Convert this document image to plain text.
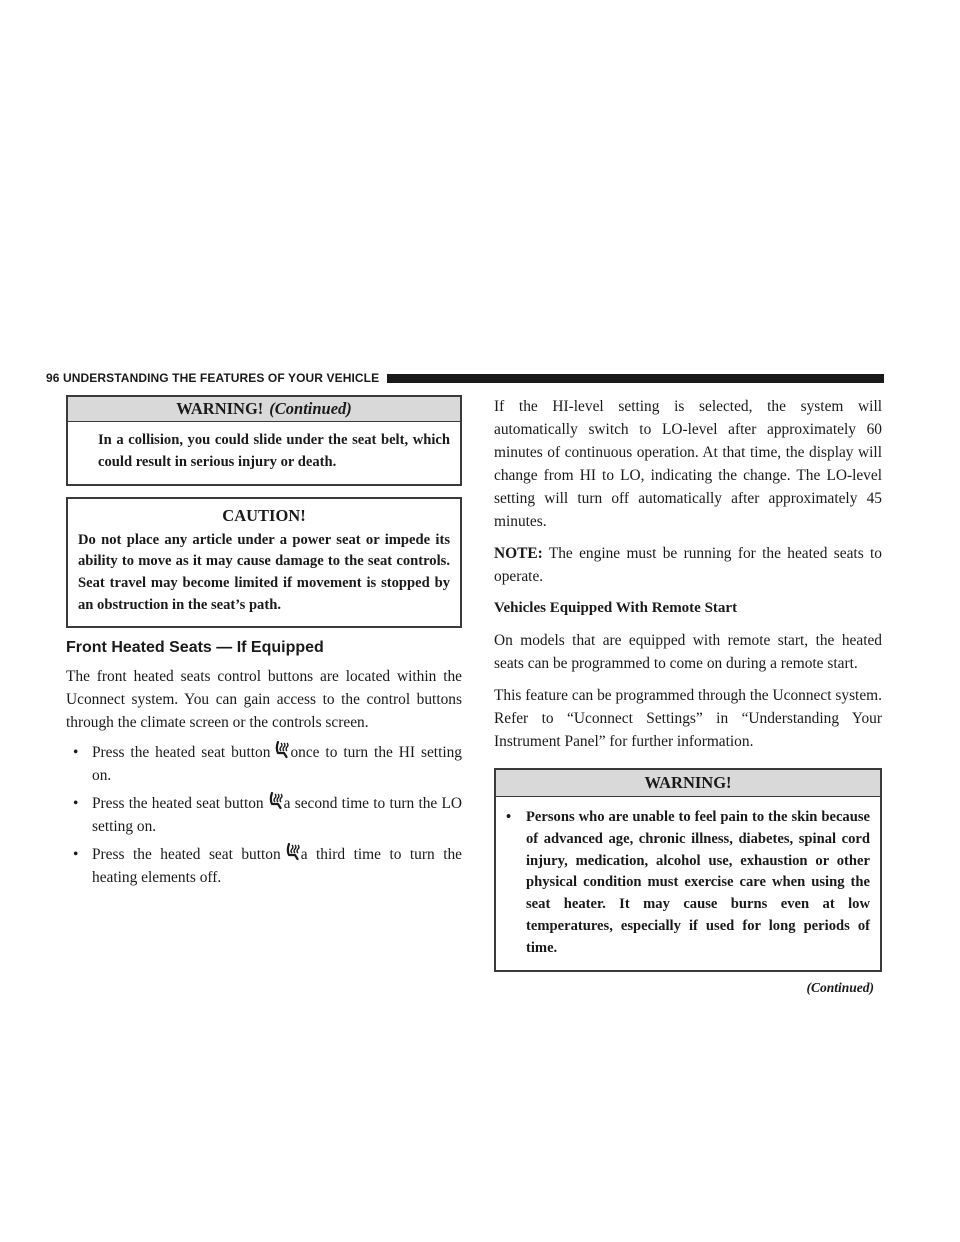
96 UNDERSTANDING THE FEATURES OF YOUR VEHICLE
WARNING! (Continued)
In a collision, you could slide under the seat belt, which could result in serious injury or death.
CAUTION!
Do not place any article under a power seat or impede its ability to move as it may cause damage to the seat controls. Seat travel may become limited if movement is stopped by an obstruction in the seat’s path.
Front Heated Seats — If Equipped

The front heated seats control buttons are located within the Uconnect system. You can gain access to the control buttons through the climate screen or the controls screen.

• Press the heated seat button once to turn the HI setting on.
• Press the heated seat button a second time to turn the LO setting on.
• Press the heated seat button a third time to turn the heating elements off.

If the HI-level setting is selected, the system will automatically switch to LO-level after approximately 60 minutes of continuous operation. At that time, the display will change from HI to LO, indicating the change. The LO-level setting will turn off automatically after approximately 45 minutes.

NOTE: The engine must be running for the heated seats to operate.

Vehicles Equipped With Remote Start

On models that are equipped with remote start, the heated seats can be programmed to come on during a remote start.

This feature can be programmed through the Uconnect system. Refer to “Uconnect Settings” in “Understanding Your Instrument Panel” for further information.

WARNING!
• Persons who are unable to feel pain to the skin because of advanced age, chronic illness, diabetes, spinal cord injury, medication, alcohol use, exhaustion or other physical condition must exercise care when using the seat heater. It may cause burns even at low temperatures, especially if used for long periods of time.
(Continued)
